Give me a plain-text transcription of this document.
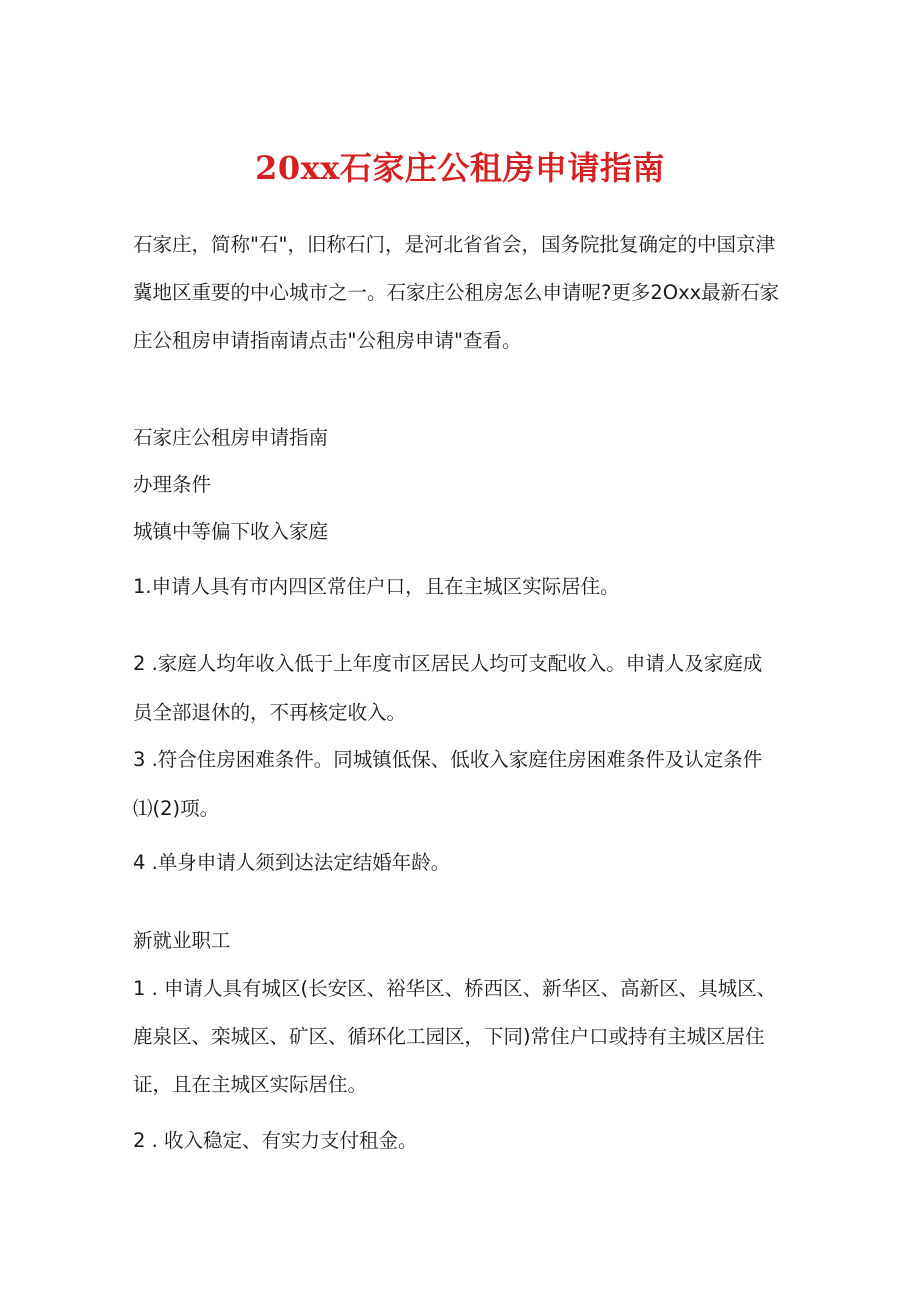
20xx石家庄公租房申请指南
石家庄，简称"石"，旧称石门，是河北省省会，国务院批复确定的中国京津
冀地区重要的中心城市之一。石家庄公租房怎么申请呢?更多2Oxx最新石家
庄公租房申请指南请点击"公租房申请"查看。
石家庄公租房申请指南
办理条件
城镇中等偏下收入家庭
1.申请人具有市内四区常住户口，且在主城区实际居住。
2 .家庭人均年收入低于上年度市区居民人均可支配收入。申请人及家庭成
员全部退休的，不再核定收入。
3 .符合住房困难条件。同城镇低保、低收入家庭住房困难条件及认定条件
⑴(2)项。
4 .单身申请人须到达法定结婚年龄。
新就业职工
1 . 申请人具有城区(长安区、裕华区、桥西区、新华区、高新区、具城区、
鹿泉区、栾城区、矿区、循环化工园区，下同)常住户口或持有主城区居住
证，且在主城区实际居住。
2 . 收入稳定、有实力支付租金。
